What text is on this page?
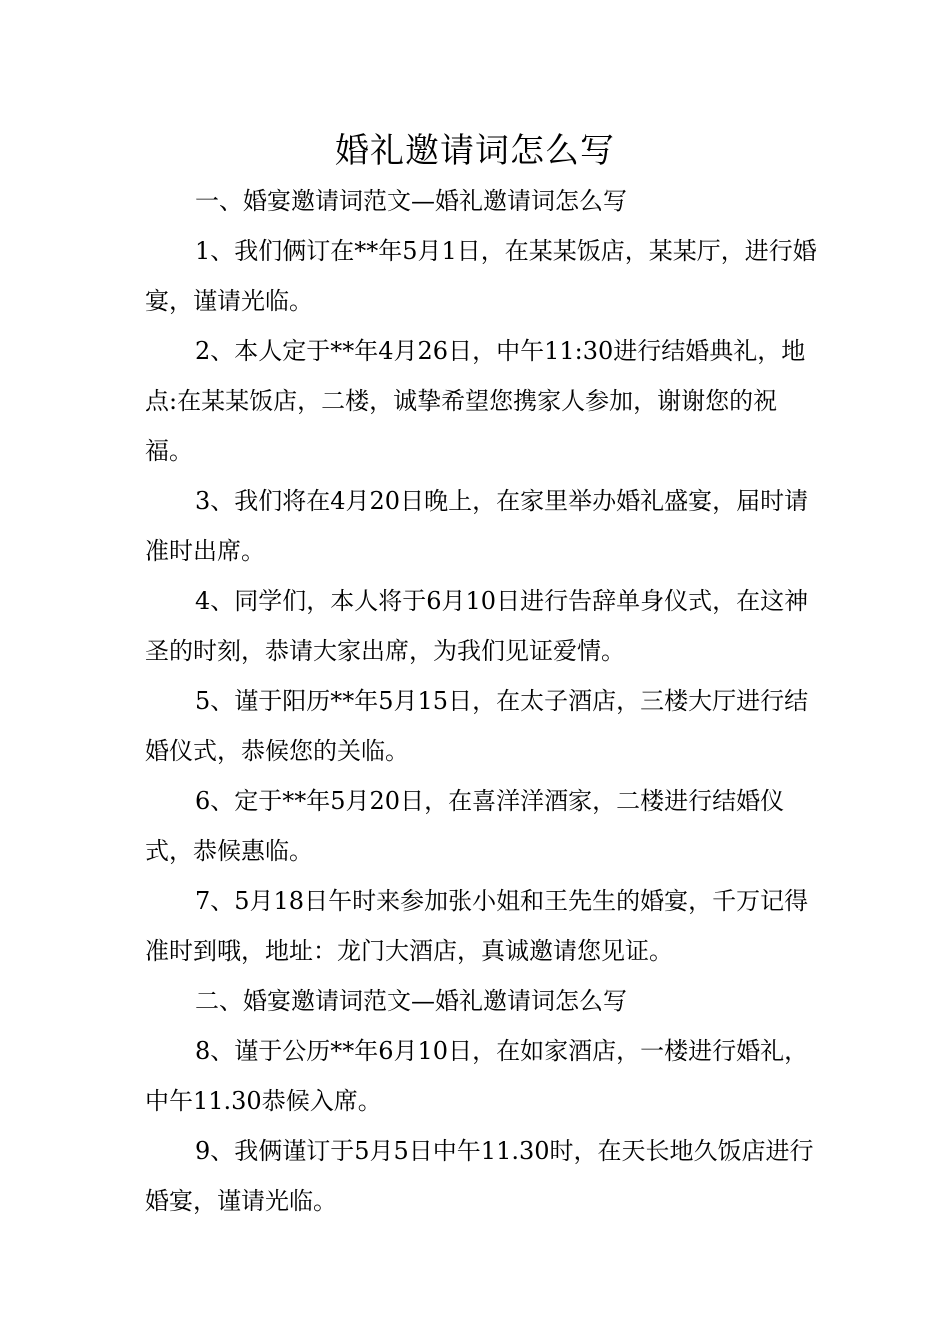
婚礼邀请词怎么写

一、婚宴邀请词范文—婚礼邀请词怎么写

1、我们俩订在**年5月1日，在某某饭店，某某厅，进行婚宴，谨请光临。

2、本人定于**年4月26日，中午11:30进行结婚典礼，地点:在某某饭店，二楼，诚挚希望您携家人参加，谢谢您的祝福。

3、我们将在4月20日晚上，在家里举办婚礼盛宴，届时请准时出席。

4、同学们，本人将于6月10日进行告辞单身仪式，在这神圣的时刻，恭请大家出席，为我们见证爱情。

5、谨于阳历**年5月15日，在太子酒店，三楼大厅进行结婚仪式，恭候您的关临。

6、定于**年5月20日，在喜洋洋酒家，二楼进行结婚仪式，恭候惠临。

7、5月18日午时来参加张小姐和王先生的婚宴，千万记得准时到哦，地址：龙门大酒店，真诚邀请您见证。

二、婚宴邀请词范文—婚礼邀请词怎么写

8、谨于公历**年6月10日，在如家酒店，一楼进行婚礼，中午11.30恭候入席。

9、我俩谨订于5月5日中午11.30时，在天长地久饭店进行婚宴，谨请光临。
